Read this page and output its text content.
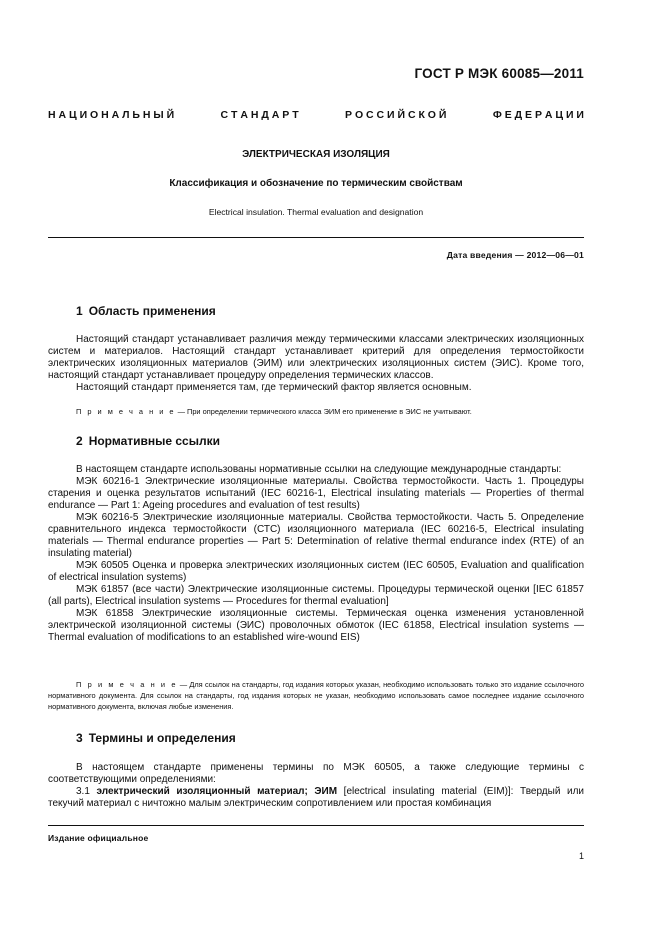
ГОСТ Р МЭК 60085—2011
Н А Ц И О Н А Л Ь Н Ы Й	С Т А Н Д А Р Т	Р О С С И Й С К О Й	Ф Е Д Е Р А Ц И И
ЭЛЕКТРИЧЕСКАЯ ИЗОЛЯЦИЯ
Классификация и обозначение по термическим свойствам
Electrical insulation. Thermal evaluation and designation
Дата введения — 2012—06—01
1 Область применения

Настоящий стандарт устанавливает различия между термическими классами электрических изоляционных систем и материалов. Настоящий стандарт устанавливает критерий для определения термостойкости электрических изоляционных материалов (ЭИМ) или электрических изоляционных систем (ЭИС). Кроме того, настоящий стандарт устанавливает процедуру определения термических классов.

Настоящий стандарт применяется там, где термический фактор является основным.

П р и м е ч а н и е — При определении термического класса ЭИМ его применение в ЭИС не учитывают.

2 Нормативные ссылки

В настоящем стандарте использованы нормативные ссылки на следующие международные стандарты:

МЭК 60216-1 Электрические изоляционные материалы. Свойства термостойкости. Часть 1. Процедуры старения и оценка результатов испытаний (IEC 60216-1, Electrical insulating materials — Properties of thermal endurance — Part 1: Ageing procedures and evaluation of test results)

МЭК 60216-5 Электрические изоляционные материалы. Свойства термостойкости. Часть 5. Определение сравнительного индекса термостойкости (СТС) изоляционного материала (IEC 60216-5, Electrical insulating materials — Thermal endurance properties — Part 5: Determination of relative thermal endurance index (RTE) of an insulating material)

МЭК 60505 Оценка и проверка электрических изоляционных систем (IEC 60505, Evaluation and qualification of electrical insulation systems)

МЭК 61857 (все части) Электрические изоляционные системы. Процедуры термической оценки [IEC 61857 (all parts), Electrical insulation systems — Procedures for thermal evaluation]

МЭК 61858 Электрические изоляционные системы. Термическая оценка изменения установленной электрической изоляционной системы (ЭИС) проволочных обмоток (IEC 61858, Electrical insulation systems — Thermal evaluation of modifications to an established wire-wound EIS)

П р и м е ч а н и е — Для ссылок на стандарты, год издания которых указан, необходимо использовать только это издание ссылочного нормативного документа. Для ссылок на стандарты, год издания которых не указан, необходимо использовать самое последнее издание ссылочного нормативного документа, включая любые изменения.

3 Термины и определения

В настоящем стандарте применены термины по МЭК 60505, а также следующие термины с соответствующими определениями:

3.1 электрический изоляционный материал; ЭИМ [electrical insulating material (EIM)]: Твердый или текучий материал с ничтожно малым электрическим сопротивлением или простая комбинация

Издание официальное
1
